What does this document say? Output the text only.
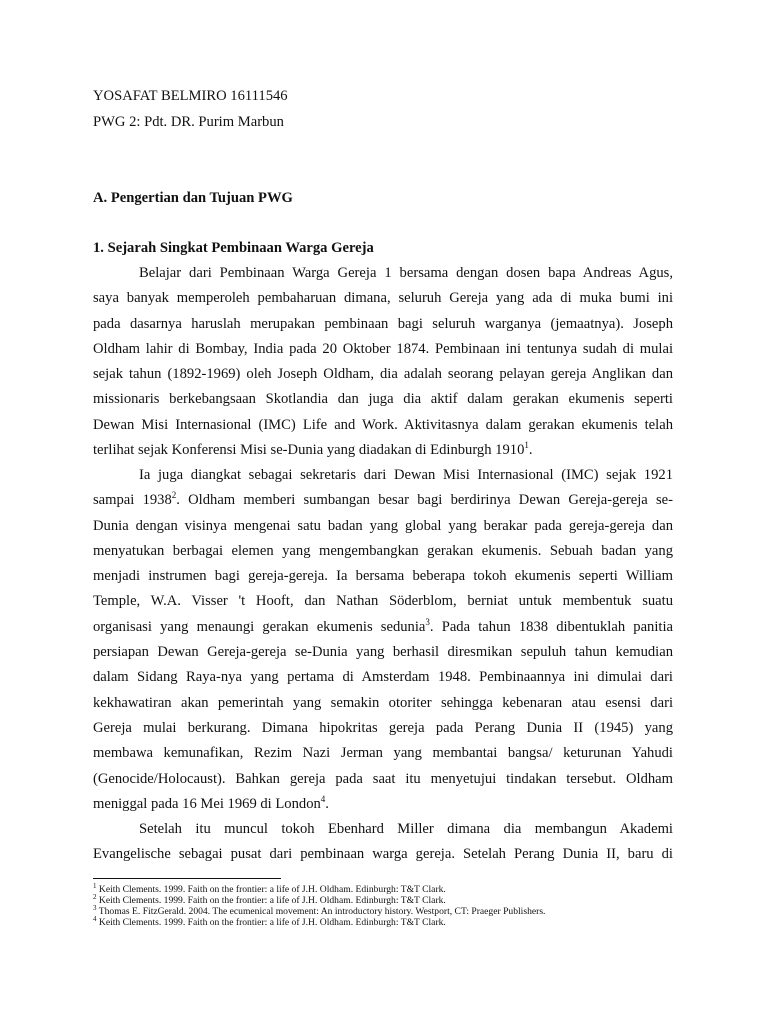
YOSAFAT BELMIRO 16111546
PWG 2: Pdt. DR. Purim Marbun
A. Pengertian dan Tujuan PWG
1. Sejarah Singkat Pembinaan Warga Gereja
Belajar dari Pembinaan Warga Gereja 1 bersama dengan dosen bapa Andreas Agus,
saya banyak memperoleh pembaharuan dimana, seluruh Gereja yang ada di muka bumi ini
pada dasarnya haruslah merupakan pembinaan bagi seluruh warganya (jemaatnya). Joseph
Oldham lahir di Bombay, India pada 20 Oktober 1874. Pembinaan ini tentunya sudah di mulai
sejak tahun (1892-1969) oleh Joseph Oldham, dia adalah seorang pelayan gereja Anglikan dan
missionaris berkebangsaan Skotlandia dan juga dia aktif dalam gerakan ekumenis seperti
Dewan Misi Internasional (IMC) Life and Work. Aktivitasnya dalam gerakan ekumenis telah
terlihat sejak Konferensi Misi se-Dunia yang diadakan di Edinburgh 1910$^1$.
Ia juga diangkat sebagai sekretaris dari Dewan Misi Internasional (IMC) sejak 1921
sampai 1938$^2$. Oldham memberi sumbangan besar bagi berdirinya Dewan Gereja-gereja se-
Dunia dengan visinya mengenai satu badan yang global yang berakar pada gereja-gereja dan
menyatukan berbagai elemen yang mengembangkan gerakan ekumenis. Sebuah badan yang
menjadi instrumen bagi gereja-gereja. Ia bersama beberapa tokoh ekumenis seperti William
Temple, W.A. Visser 't Hooft, dan Nathan Söderblom, berniat untuk membentuk suatu
organisasi yang menaungi gerakan ekumenis sedunia$^3$. Pada tahun 1838 dibentuklah panitia
persiapan Dewan Gereja-gereja se-Dunia yang berhasil diresmikan sepuluh tahun kemudian
dalam Sidang Raya-nya yang pertama di Amsterdam 1948. Pembinaannya ini dimulai dari
kekhawatiran akan pemerintah yang semakin otoriter sehingga kebenaran atau esensi dari
Gereja mulai berkurang. Dimana hipokritas gereja pada Perang Dunia II (1945) yang
membawa kemunafikan, Rezim Nazi Jerman yang membantai bangsa/ keturunan Yahudi
(Genocide/Holocaust). Bahkan gereja pada saat itu menyetujui tindakan tersebut. Oldham
meniggal pada 16 Mei 1969 di London$^4$.
Setelah itu muncul tokoh Ebenhard Miller dimana dia membangun Akademi
Evangelische sebagai pusat dari pembinaan warga gereja. Setelah Perang Dunia II, baru di
$^1$ Keith Clements. 1999. Faith on the frontier: a life of J.H. Oldham. Edinburgh: T&T Clark.
$^2$ Keith Clements. 1999. Faith on the frontier: a life of J.H. Oldham. Edinburgh: T&T Clark.
$^3$ Thomas E. FitzGerald. 2004. The ecumenical movement: An introductory history. Westport, CT: Praeger Publishers.
$^4$ Keith Clements. 1999. Faith on the frontier: a life of J.H. Oldham. Edinburgh: T&T Clark.
